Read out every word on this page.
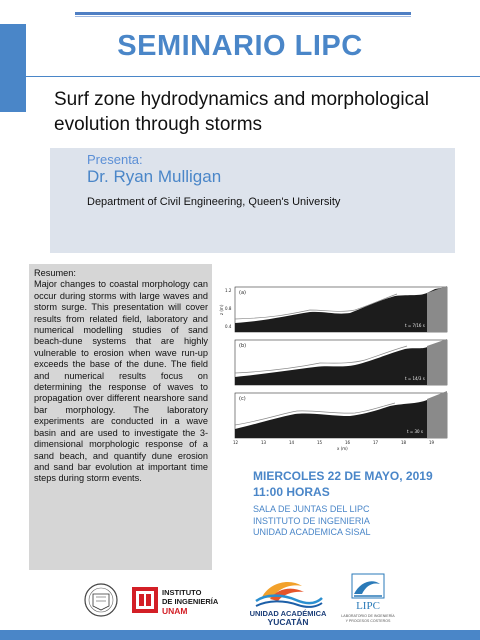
SEMINARIO LIPC
Surf zone hydrodynamics and morphological evolution through storms
Presenta:
Dr. Ryan Mulligan
Department of Civil Engineering, Queen's University
Resumen:
Major changes to coastal morphology can occur during storms with large waves and storm surge. This presentation will cover results from related field, laboratory and numerical modelling studies of sand beach-dune systems that are highly vulnerable to erosion when wave run-up exceeds the base of the dune. The field and numerical results focus on determining the response of waves to propagation over different nearshore sand bar morphology. The laboratory experiments are conducted in a wave basin and are used to investigate the 3-dimensional morphologic response of a sand beach, and quantify dune erosion and sand bar evolution at important time steps during storm events.
(a)
t = 7/16 s
(b)
t = 14/3 s
(c)
t = 30 s
z (m)
1.2
0.8
0.4
12	13	14	15	16	17	18	19
x (m)
MIERCOLES 22 DE MAYO, 2019
11:00 HORAS
SALA DE JUNTAS DEL LIPC
INSTITUTO DE INGENIERIA
UNIDAD ACADEMICA SISAL
INSTITUTO
DE INGENIERÍA
UNAM	UNIDAD ACADÉMICA
YUCATÁN
LIPC
LABORATORIO DE INGENIERÍA
Y PROCESOS COSTEROS
